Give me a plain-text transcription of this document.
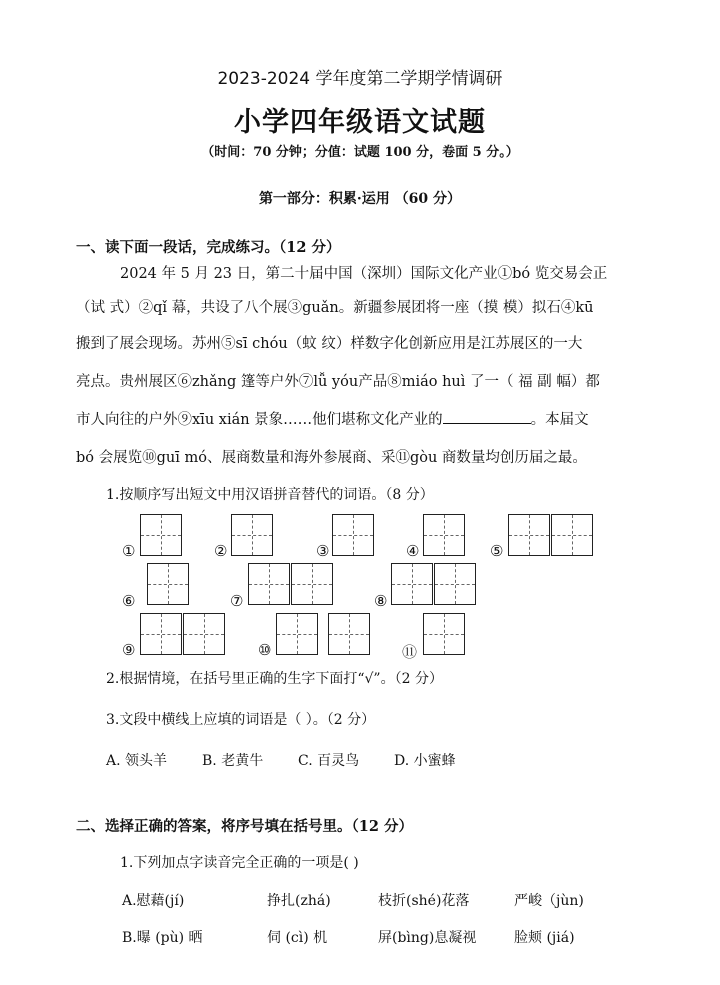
2023-2024 学年度第二学期学情调研
小学四年级语文试题
（时间：70 分钟；分值：试题 100 分，卷面 5 分。）
第一部分：积累·运用 （60 分）
一、读下面一段话，完成练习。（12 分）
2024 年 5 月 23 日，第二十届中国（深圳）国际文化产业①bó 览交易会正
（试 式）②qǐ 幕，共设了八个展③guǎn。新疆参展团将一座（摸 模）拟石④kū
搬到了展会现场。苏州⑤sī chóu（蚊 纹）样数字化创新应用是江苏展区的一大
亮点。贵州展区⑥zhǎng 篷等户外⑦lǚ yóu产品⑧miáo huì 了一（ 福 副 幅）都
市人向往的户外⑨xīu xián 景象……他们堪称文化产业的	。本届文
bó 会展览⑩guī mó、展商数量和海外参展商、采⑪gòu 商数量均创历届之最。
1.按顺序写出短文中用汉语拼音替代的词语。（8 分）
①	②	③	④	⑤
⑥	⑦	⑧
⑨	⑩	⑪
2.根据情境，在括号里正确的生字下面打“√”。（2 分）
3.文段中横线上应填的词语是（ ）。（2 分）
A. 领头羊 B. 老黄牛 C. 百灵鸟 D. 小蜜蜂
二、选择正确的答案，将序号填在括号里。（12 分）
1.下列加点字读音完全正确的一项是( )
A.慰藉(jí)	挣扎(zhá)	枝折(shé)花落	严峻（jùn)
B.曝 (pù) 晒	伺 (cì) 机	屏(bìng)息凝视	脸颊 (jiá)
